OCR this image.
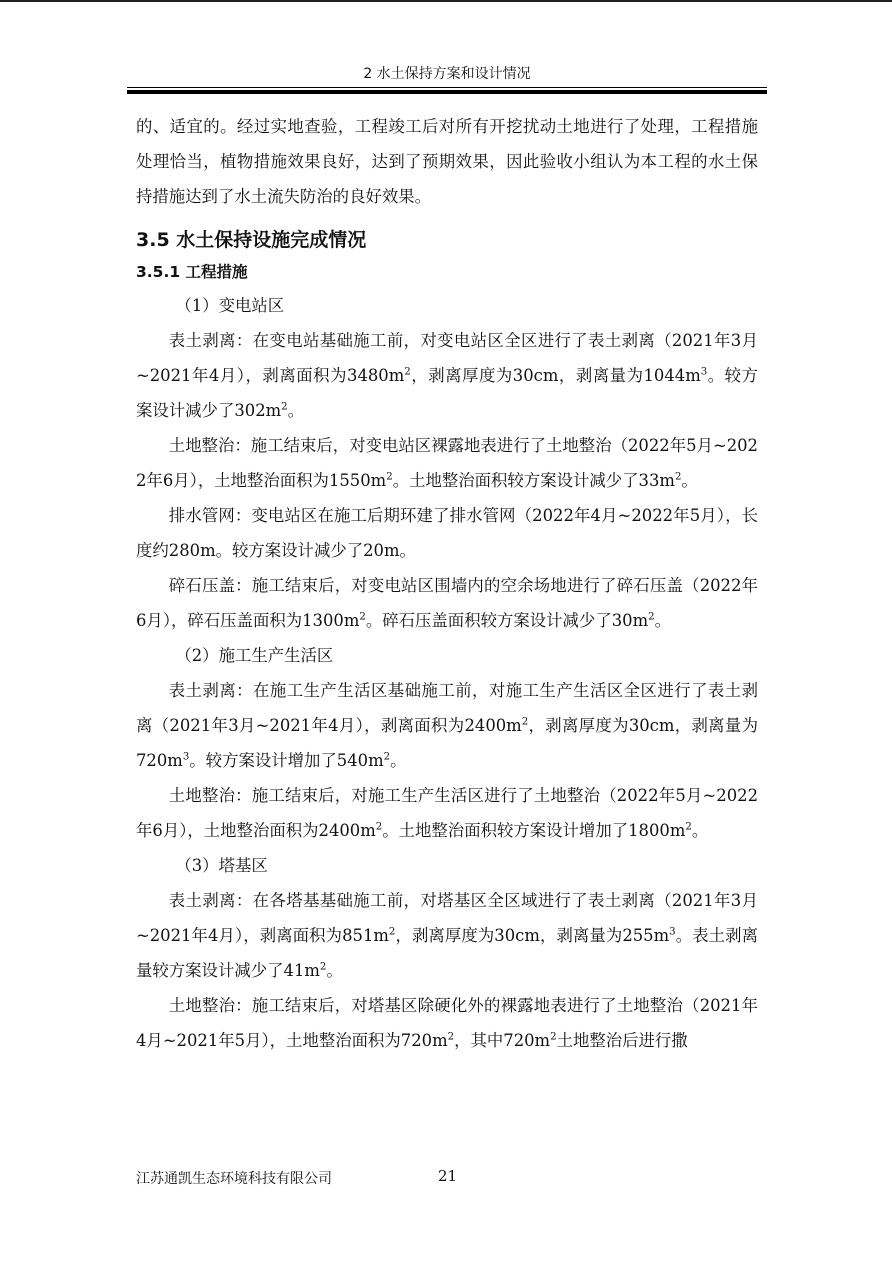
2 水土保持方案和设计情况

的、适宜的。经过实地查验，工程竣工后对所有开挖扰动土地进行了处理，工程措施处理恰当，植物措施效果良好，达到了预期效果，因此验收小组认为本工程的水土保持措施达到了水土流失防治的良好效果。

3.5 水土保持设施完成情况
3.5.1 工程措施

（1）变电站区

表土剥离：在变电站基础施工前，对变电站区全区进行了表土剥离（2021年3月~2021年4月），剥离面积为$3480m^2$，剥离厚度为30cm，剥离量为$1044m^3$。较方案设计减少了$302m^2$。

土地整治：施工结束后，对变电站区裸露地表进行了土地整治（2022年5月~2022年6月），土地整治面积为$1550m^2$。土地整治面积较方案设计减少了$33m^2$。

排水管网：变电站区在施工后期环建了排水管网（2022年4月~2022年5月），长度约280m。较方案设计减少了20m。

碎石压盖：施工结束后，对变电站区围墙内的空余场地进行了碎石压盖（2022年6月），碎石压盖面积为$1300m^2$。碎石压盖面积较方案设计减少了$30m^2$。

（2）施工生产生活区

表土剥离：在施工生产生活区基础施工前，对施工生产生活区全区进行了表土剥离（2021年3月~2021年4月），剥离面积为$2400m^2$，剥离厚度为30cm，剥离量为$720m^3$。较方案设计增加了$540m^2$。

土地整治：施工结束后，对施工生产生活区进行了土地整治（2022年5月~2022年6月），土地整治面积为$2400m^2$。土地整治面积较方案设计增加了$1800m^2$。

（3）塔基区

表土剥离：在各塔基基础施工前，对塔基区全区域进行了表土剥离（2021年3月~2021年4月），剥离面积为$851m^2$，剥离厚度为30cm，剥离量为$255m^3$。表土剥离量较方案设计减少了$41m^2$。

土地整治：施工结束后，对塔基区除硬化外的裸露地表进行了土地整治（2021年4月~2021年5月），土地整治面积为$720m^2$，其中$720m^2$土地整治后进行撒

江苏通凯生态环境科技有限公司	21
